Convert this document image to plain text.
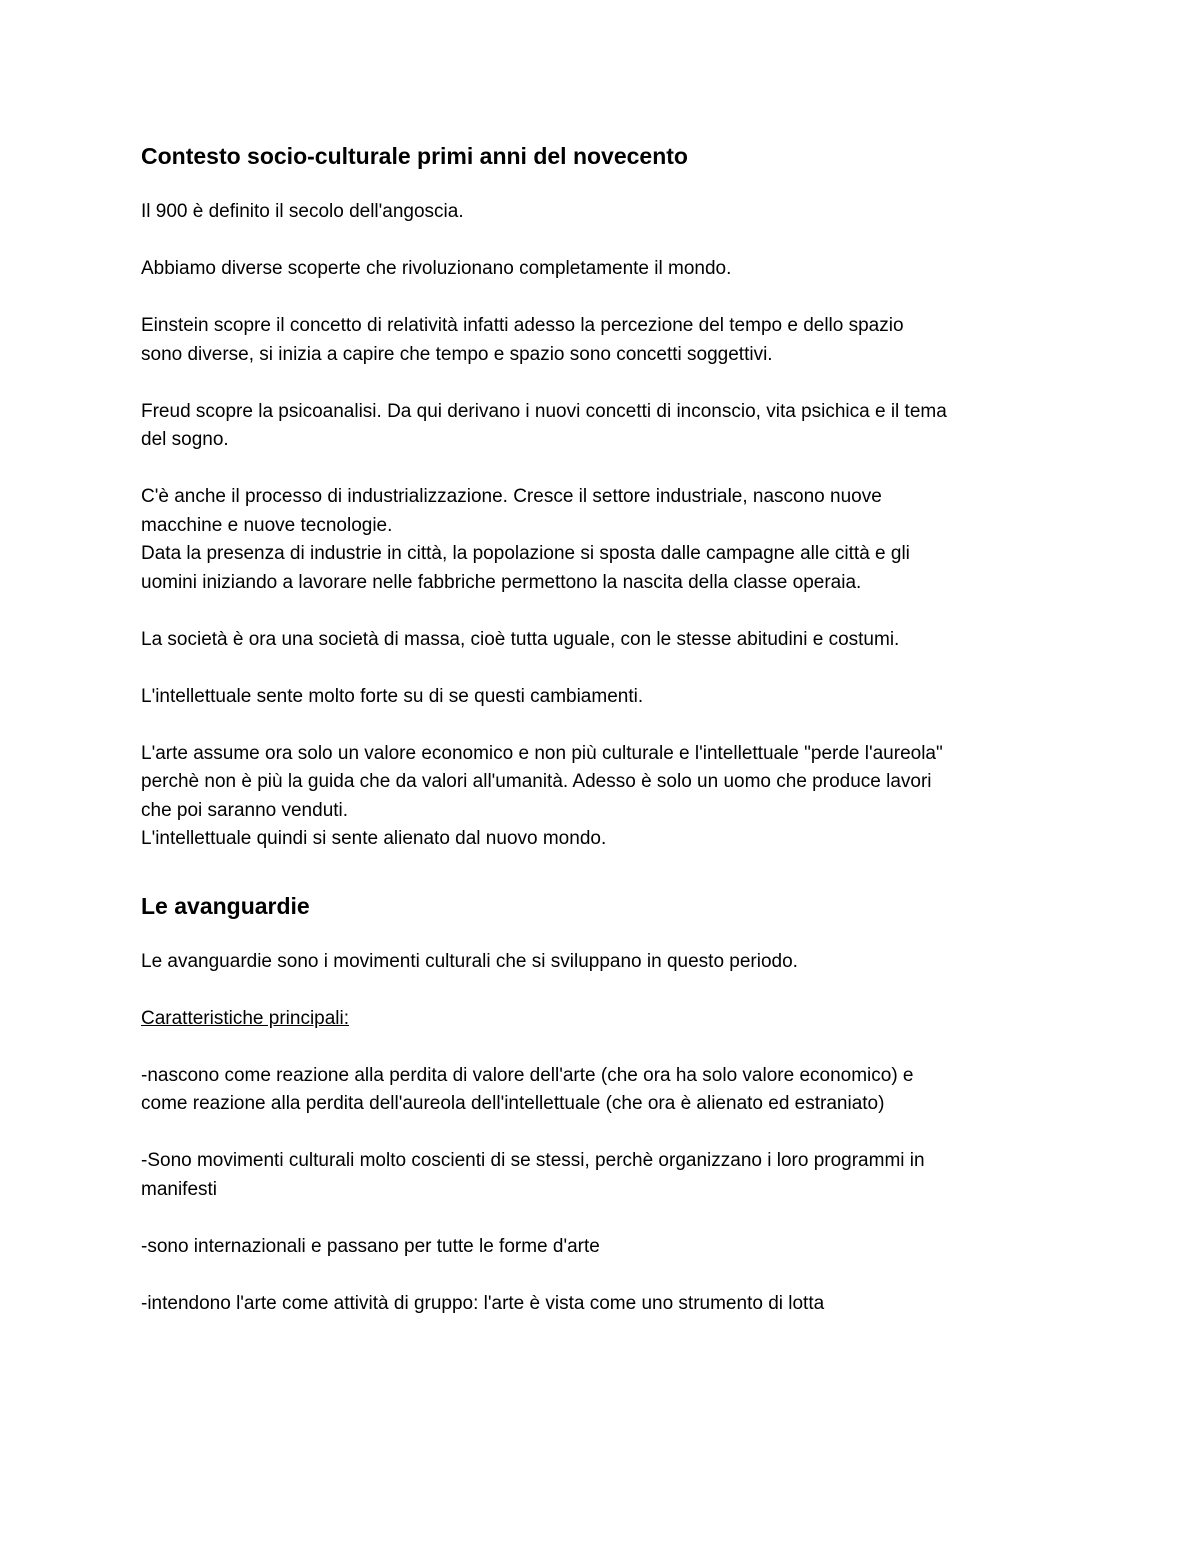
Contesto socio-culturale primi anni del novecento

Il 900 è definito il secolo dell'angoscia.

Abbiamo diverse scoperte che rivoluzionano completamente il mondo.

Einstein scopre il concetto di relatività infatti adesso la percezione del tempo e dello spazio

sono diverse, si inizia a capire che tempo e spazio sono concetti soggettivi.

Freud scopre la psicoanalisi. Da qui derivano i nuovi concetti di inconscio, vita psichica e il tema

del sogno.

C'è anche il processo di industrializzazione. Cresce il settore industriale, nascono nuove

macchine e nuove tecnologie.

Data la presenza di industrie in città, la popolazione si sposta dalle campagne alle città e gli

uomini iniziando a lavorare nelle fabbriche permettono la nascita della classe operaia.

La società è ora una società di massa, cioè tutta uguale, con le stesse abitudini e costumi.

L'intellettuale sente molto forte su di se questi cambiamenti.

L'arte assume ora solo un valore economico e non più culturale e l'intellettuale "perde l'aureola"

perchè non è più la guida che da valori all'umanità. Adesso è solo un uomo che produce lavori

che poi saranno venduti.

L'intellettuale quindi si sente alienato dal nuovo mondo.

Le avanguardie

Le avanguardie sono i movimenti culturali che si sviluppano in questo periodo.

Caratteristiche principali:

-nascono come reazione alla perdita di valore dell'arte (che ora ha solo valore economico) e

come reazione alla perdita dell'aureola dell'intellettuale (che ora è alienato ed estraniato)

-Sono movimenti culturali molto coscienti di se stessi, perchè organizzano i loro programmi in

manifesti

-sono internazionali e passano per tutte le forme d'arte

-intendono l'arte come attività di gruppo: l'arte è vista come uno strumento di lotta
